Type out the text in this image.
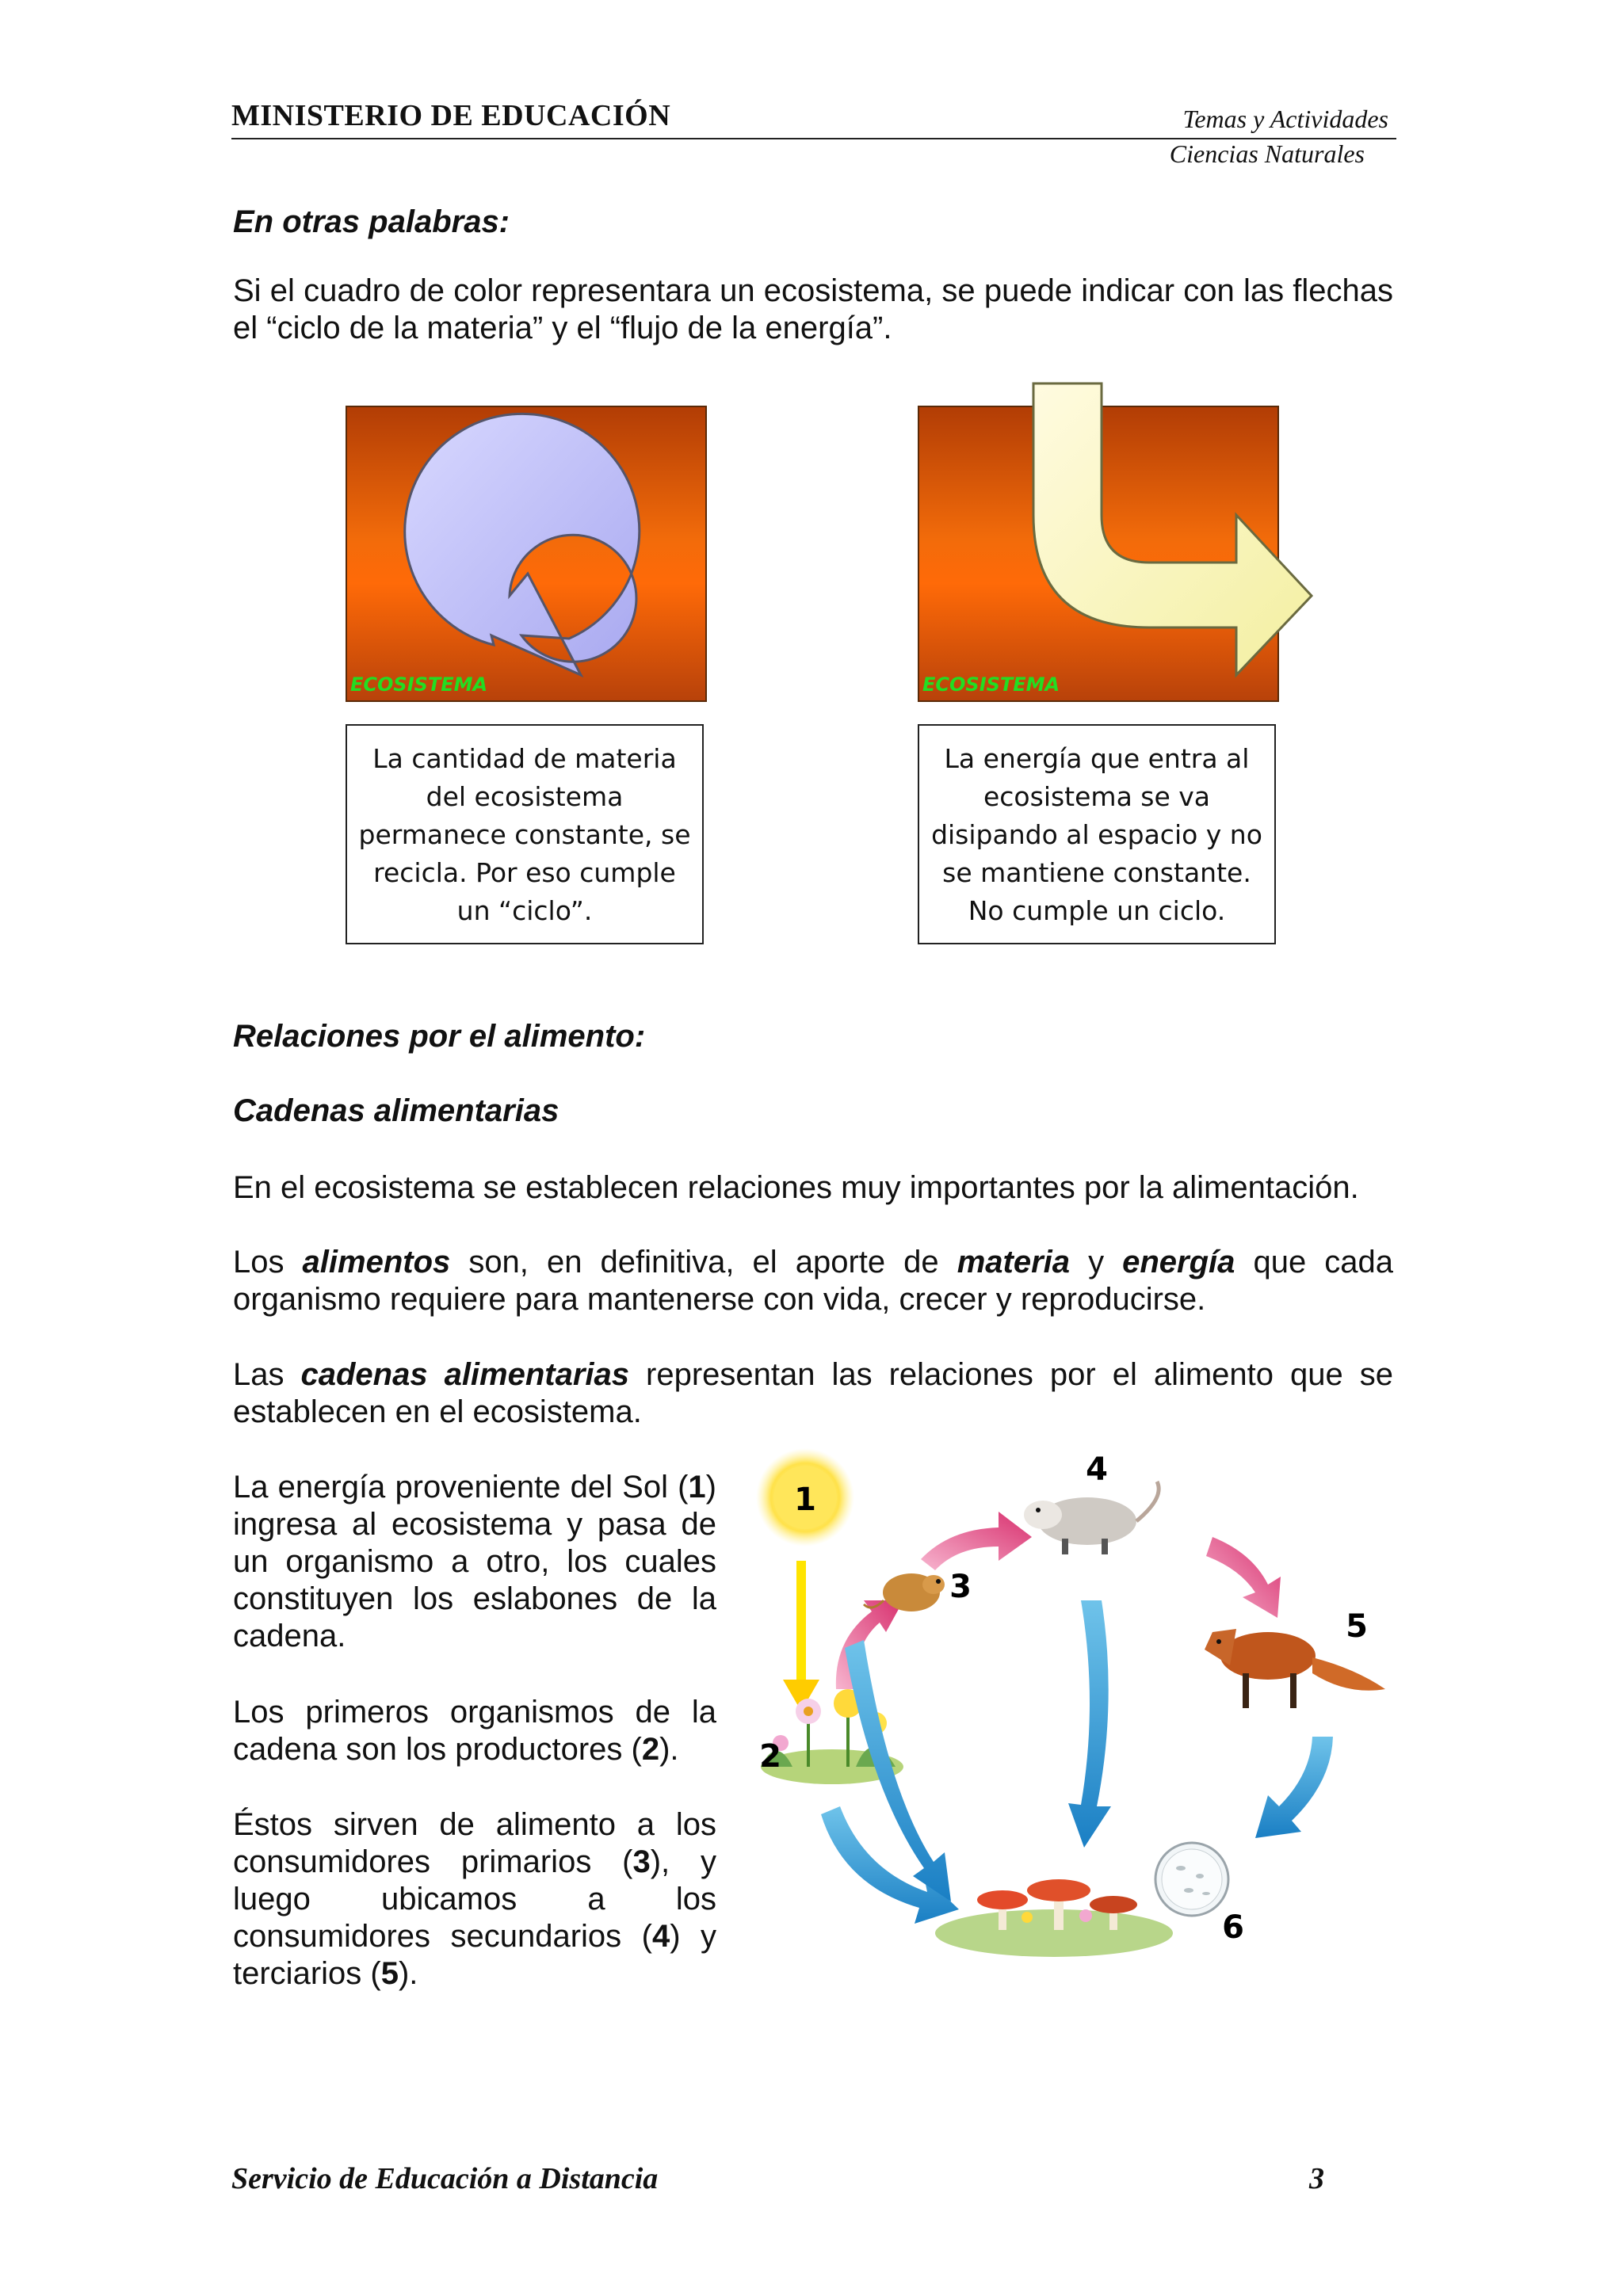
MINISTERIO DE EDUCACIÓN	Temas y Actividades
Ciencias Naturales
En otras palabras:
Si el cuadro de color representara un ecosistema, se puede indicar con las flechas el “ciclo de la materia” y el “flujo de la energía”.
ECOSISTEMA
La cantidad de materia
del ecosistema
permanece constante, se
recicla. Por eso cumple
un “ciclo”.
ECOSISTEMA
La energía que entra al
ecosistema se va
disipando al espacio y no
se mantiene constante.
No cumple un ciclo.
Relaciones por el alimento:
Cadenas alimentarias
En el ecosistema se establecen relaciones muy importantes por la alimentación.
Los alimentos son, en definitiva, el aporte de materia y energía que cada organismo requiere para mantenerse con vida, crecer y reproducirse.
Las cadenas alimentarias representan las relaciones por el alimento que se establecen en el ecosistema.
La energía proveniente del Sol (1) ingresa al ecosistema y pasa de un organismo a otro, los cuales constituyen los eslabones de la cadena.
Los primeros organismos de la cadena son los productores (2).
Éstos sirven de alimento a los consumidores primarios (3), y luego ubicamos a los consumidores secundarios (4) y terciarios (5).
1
2
3
4
5
6
Servicio de Educación a Distancia	3
